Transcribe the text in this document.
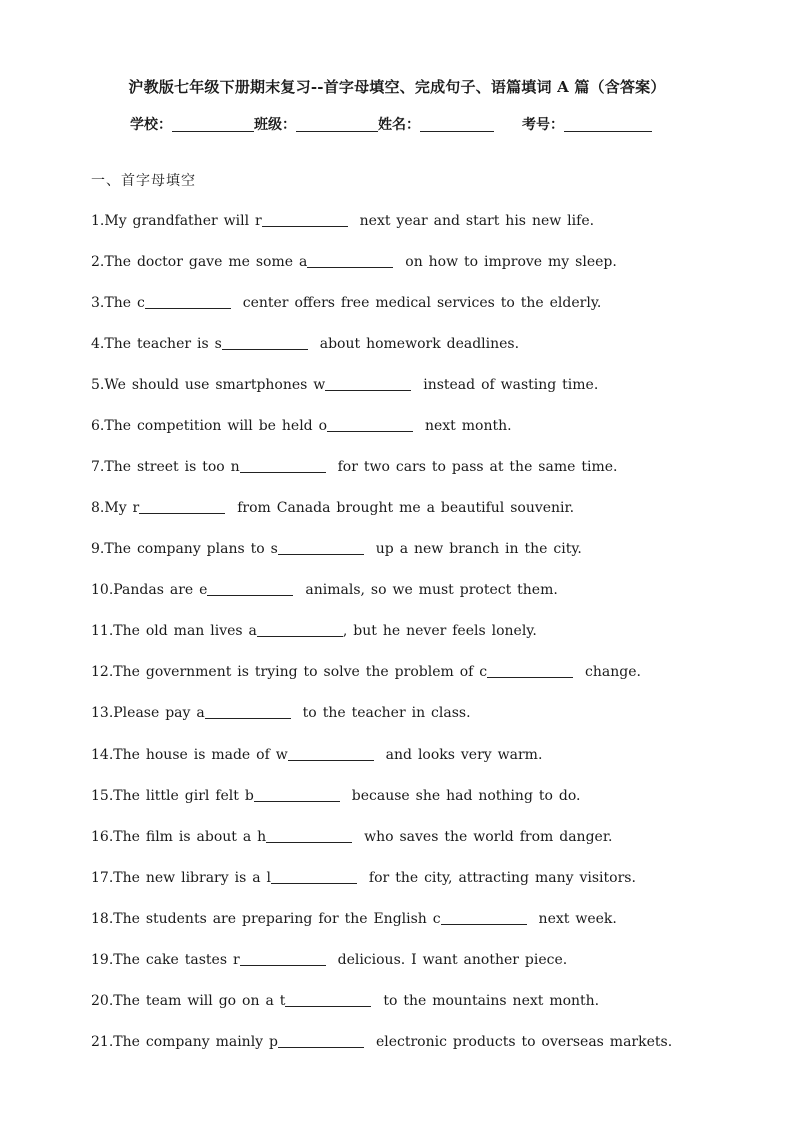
沪教版七年级下册期末复习--首字母填空、完成句子、语篇填词 A 篇（含答案）
学校：	班级：	姓名：	考号：
一、首字母填空
1.My grandfather will r	next year and start his new life.
2.The doctor gave me some a	on how to improve my sleep.
3.The c	center offers free medical services to the elderly.
4.The teacher is s	about homework deadlines.
5.We should use smartphones w	instead of wasting time.
6.The competition will be held o	next month.
7.The street is too n	for two cars to pass at the same time.
8.My r	from Canada brought me a beautiful souvenir.
9.The company plans to s	up a new branch in the city.
10.Pandas are e	animals, so we must protect them.
11.The old man lives a	, but he never feels lonely.
12.The government is trying to solve the problem of c	change.
13.Please pay a	to the teacher in class.
14.The house is made of w	and looks very warm.
15.The little girl felt b	because she had nothing to do.
16.The film is about a h	who saves the world from danger.
17.The new library is a l	for the city, attracting many visitors.
18.The students are preparing for the English c	next week.
19.The cake tastes r	delicious. I want another piece.
20.The team will go on a t	to the mountains next month.
21.The company mainly p	electronic products to overseas markets.
